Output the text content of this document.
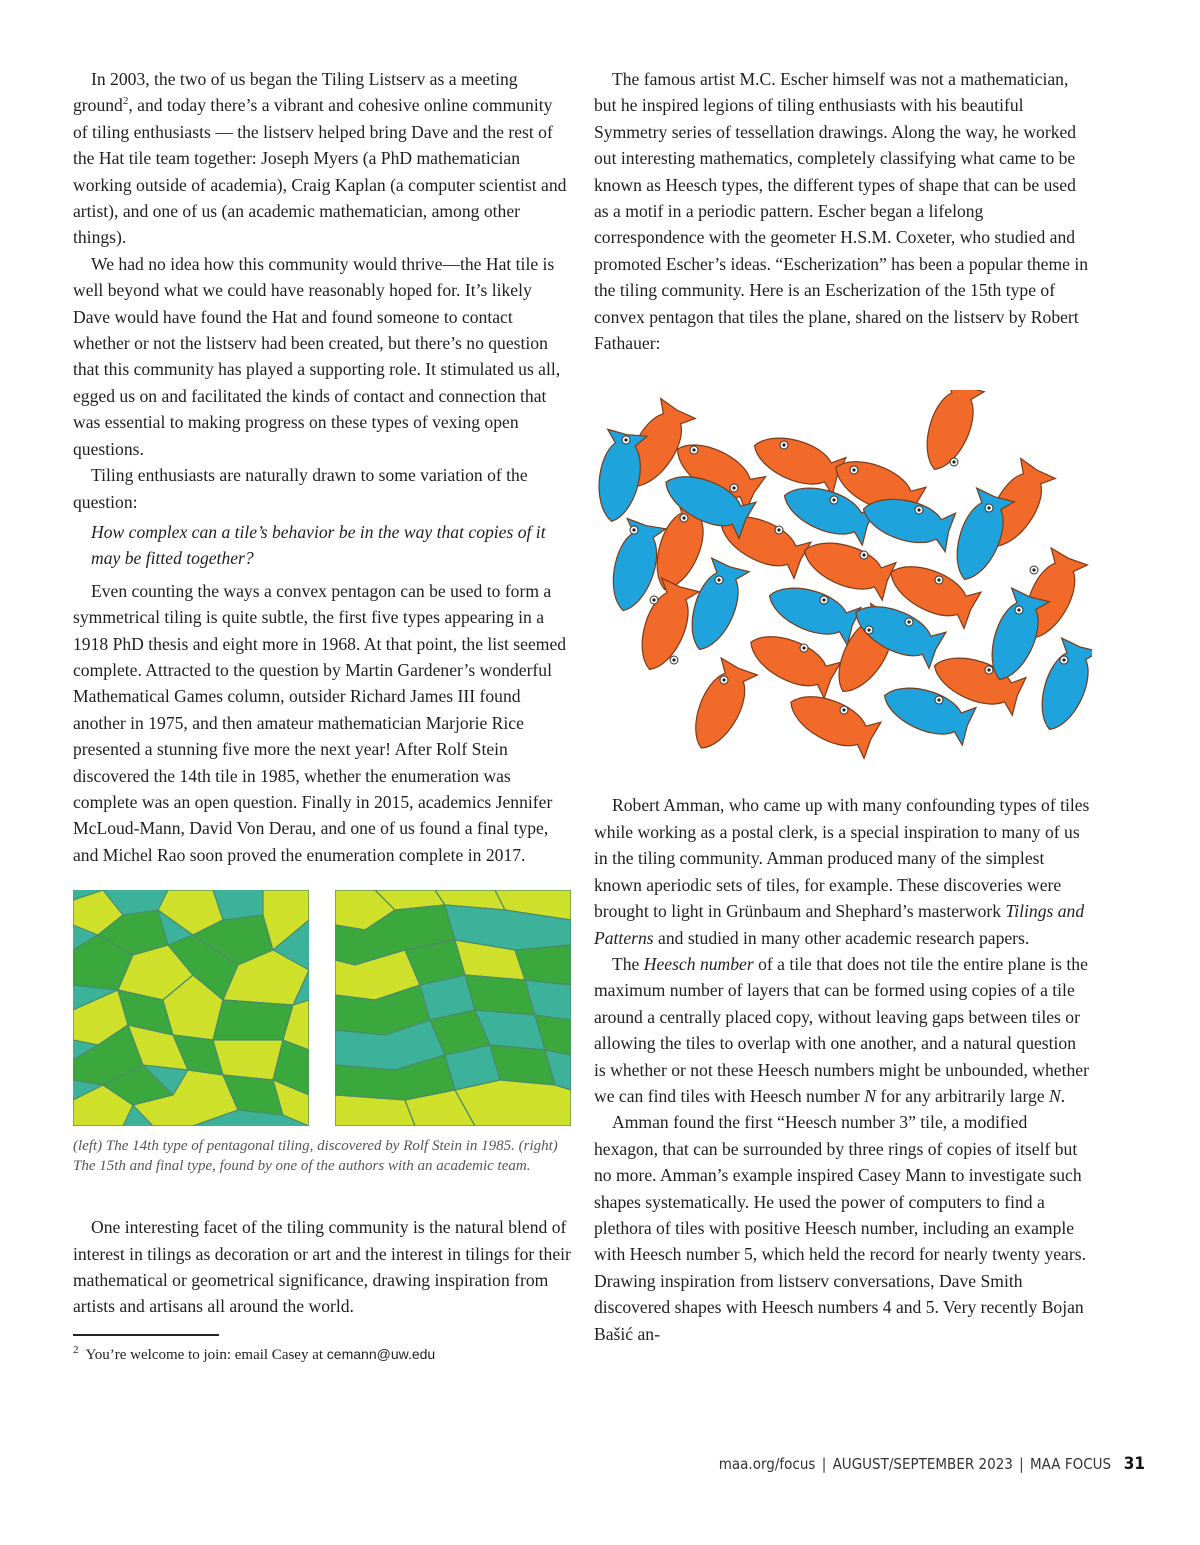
In 2003, the two of us began the Tiling Listserv as a meeting ground$^2$, and today there’s a vibrant and cohesive online community of tiling enthusiasts — the listserv helped bring Dave and the rest of the Hat tile team together: Joseph Myers (a PhD mathematician working outside of academia), Craig Kaplan (a computer scientist and artist), and one of us (an academic mathematician, among other things).

We had no idea how this community would thrive—the Hat tile is well beyond what we could have reasonably hoped for. It’s likely Dave would have found the Hat and found someone to contact whether or not the listserv had been created, but there’s no question that this community has played a supporting role. It stimulated us all, egged us on and facilitated the kinds of contact and connection that was essential to making progress on these types of vexing open questions.

Tiling enthusiasts are naturally drawn to some variation of the question:

How complex can a tile’s behavior be in the way that copies of it may be fitted together?

Even counting the ways a convex pentagon can be used to form a symmetrical tiling is quite subtle, the first five types appearing in a 1918 PhD thesis and eight more in 1968. At that point, the list seemed complete. Attracted to the question by Martin Gardener’s wonderful Mathematical Games column, outsider Richard James III found another in 1975, and then amateur mathematician Marjorie Rice presented a stunning five more the next year! After Rolf Stein discovered the 14th tile in 1985, whether the enumeration was complete was an open question. Finally in 2015, academics Jennifer McLoud-Mann, David Von Derau, and one of us found a final type, and Michel Rao soon proved the enumeration complete in 2017.

(left) The 14th type of pentagonal tiling, discovered by Rolf Stein in 1985. (right) The 15th and final type, found by one of the authors with an academic team.

One interesting facet of the tiling community is the natural blend of interest in tilings as decoration or art and the interest in tilings for their mathematical or geometrical significance, drawing inspiration from artists and artisans all around the world.

$^2$ You’re welcome to join: email Casey at cemann@uw.edu

The famous artist M.C. Escher himself was not a mathematician, but he inspired legions of tiling enthusiasts with his beautiful Symmetry series of tessellation drawings. Along the way, he worked out interesting mathematics, completely classifying what came to be known as Heesch types, the different types of shape that can be used as a motif in a periodic pattern. Escher began a lifelong correspondence with the geometer H.S.M. Coxeter, who studied and promoted Escher’s ideas. “Escherization” has been a popular theme in the tiling community. Here is an Escherization of the 15th type of convex pentagon that tiles the plane, shared on the listserv by Robert Fathauer:

Robert Amman, who came up with many confounding types of tiles while working as a postal clerk, is a special inspiration to many of us in the tiling community. Amman produced many of the simplest known aperiodic sets of tiles, for example. These discoveries were brought to light in Grünbaum and Shephard’s masterwork Tilings and Patterns and studied in many other academic research papers.

The Heesch number of a tile that does not tile the entire plane is the maximum number of layers that can be formed using copies of a tile around a centrally placed copy, without leaving gaps between tiles or allowing the tiles to overlap with one another, and a natural question is whether or not these Heesch numbers might be unbounded, whether we can find tiles with Heesch number N for any arbitrarily large N.

Amman found the first “Heesch number 3” tile, a modified hexagon, that can be surrounded by three rings of copies of itself but no more. Amman’s example inspired Casey Mann to investigate such shapes systematically. He used the power of computers to find a plethora of tiles with positive Heesch number, including an example with Heesch number 5, which held the record for nearly twenty years. Drawing inspiration from listserv conversations, Dave Smith discovered shapes with Heesch numbers 4 and 5. Very recently Bojan Bašić an-

maa.org/focus | AUGUST/SEPTEMBER 2023 | MAA FOCUS 31
